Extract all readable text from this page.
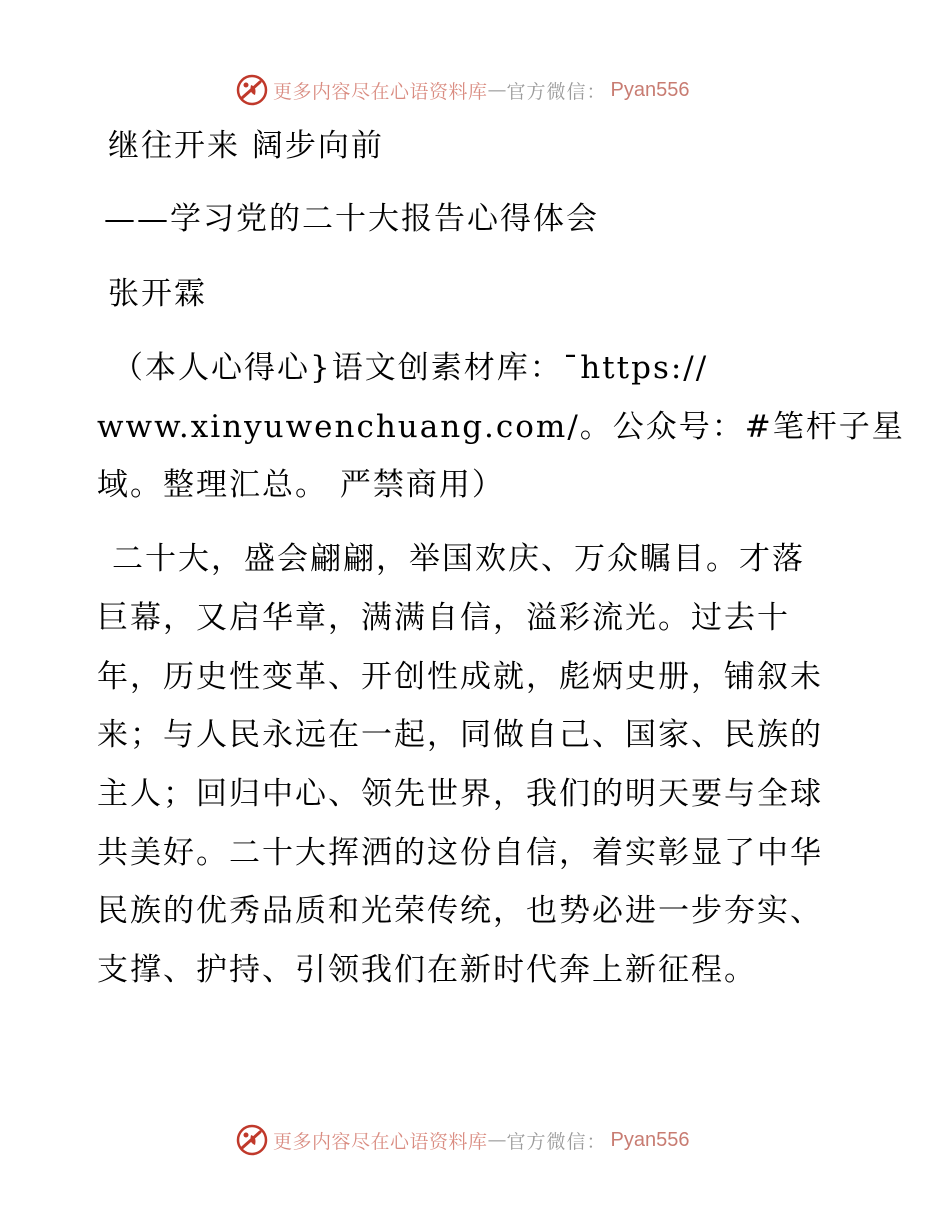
更多内容尽在心语资料库 — 官方微信： Pyan556
继往开来 阔步向前
——学习党的二十大报告心得体会
张开霖
（本人心得心}语文创素材库：¯https://
www.xinyuwenchuang.com/。公众号：#笔杆子星
域。整理汇总。 严禁商用）
二十大，盛会翩翩，举国欢庆、万众瞩目。才落
巨幕，又启华章，满满自信，溢彩流光。过去十
年，历史性变革、开创性成就，彪炳史册，铺叙未
来；与人民永远在一起，同做自己、国家、民族的
主人；回归中心、领先世界，我们的明天要与全球
共美好。二十大挥洒的这份自信，着实彰显了中华
民族的优秀品质和光荣传统，也势必进一步夯实、
支撑、护持、引领我们在新时代奔上新征程。
更多内容尽在心语资料库 — 官方微信： Pyan556
